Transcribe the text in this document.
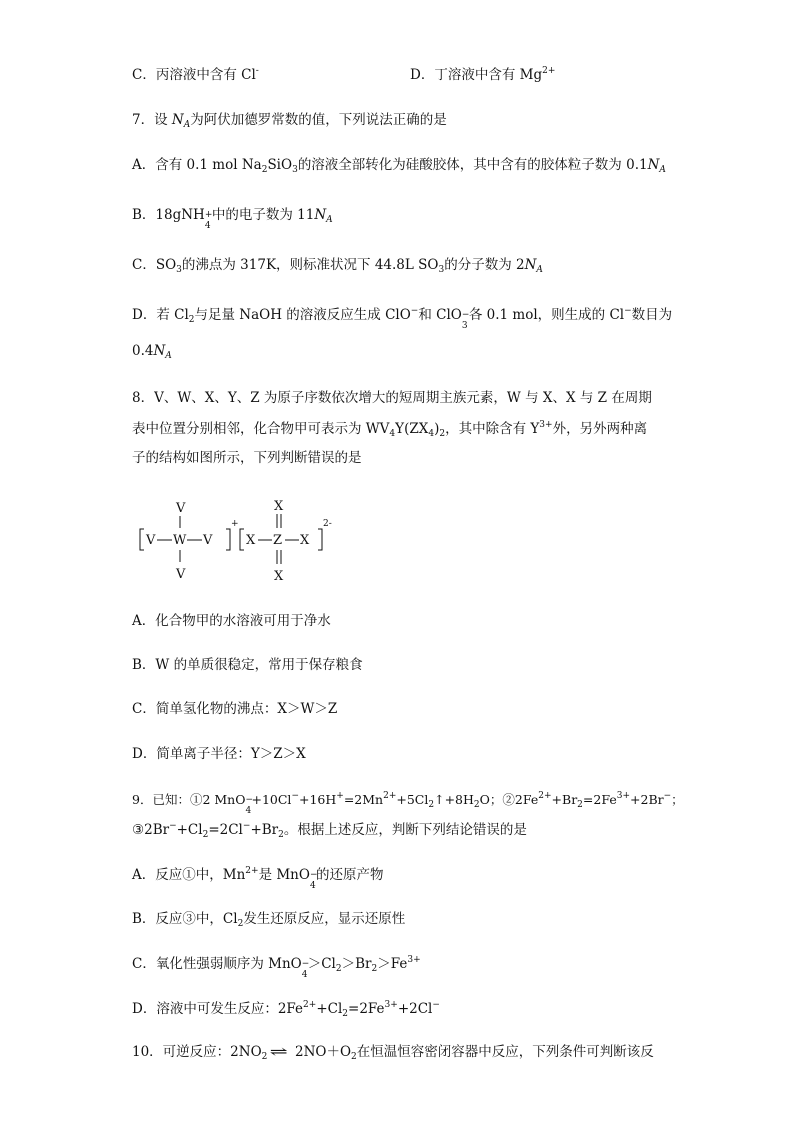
C．丙溶液中含有 Cl-	D．丁溶液中含有 $Mg^{2+}$
7．设 $N_A$为阿伏加德罗常数的值，下列说法正确的是
A．含有 0.1 mol $Na_2SiO_3$的溶液全部转化为硅酸胶体，其中含有的胶体粒子数为 $0.1N_A$
B．18gNH +
4
中的电子数为 $11N_A$
C．$SO_3$的沸点为 317K，则标准状况下 44.8L $SO_3$的分子数为 $2N_A$
D．若 $Cl_2$与足量 NaOH 的溶液反应生成 ClO−和 ClO −
3
各 0.1 mol，则生成的 Cl−数目为
$0.4N_A$
8．V、W、X、Y、Z 为原子序数依次增大的短周期主族元素，W 与 X、X 与 Z 在周期
表中位置分别相邻，化合物甲可表示为 $WV_4Y(ZX_4)_2$，其中除含有 $Y^{3+}$外，另外两种离
子的结构如图所示，下列判断错误的是
V
V W V
V
+
X
X Z X
X
2-
A．化合物甲的水溶液可用于净水
B．W 的单质很稳定，常用于保存粮食
C．简单氢化物的沸点：X＞W＞Z
D．简单离子半径：Y＞Z＞X
9．已知：①2 MnO −
4
$+10Cl^-+16H^+=2Mn^{2+}+5Cl_2↑+8H_2O$；$②2Fe^{2+}+Br_2=2Fe^{3+}+2Br^-$；
$③2Br^-+Cl_2=2Cl^-+Br_2$。根据上述反应，判断下列结论错误的是
A．反应①中，$Mn^{2+}$是 MnO −
4
的还原产物
B．反应③中，$Cl_2$发生还原反应，显示还原性
C．氧化性强弱顺序为 MnO −
4
$>Cl_2>Br_2>Fe^{3+}$
D．溶液中可发生反应：$2Fe^{2+}+Cl_2=2Fe^{3+}+2Cl^-$
10．可逆反应：$2NO_2$ ⇌ $2NO+O_2$在恒温恒容密闭容器中反应，下列条件可判断该反
